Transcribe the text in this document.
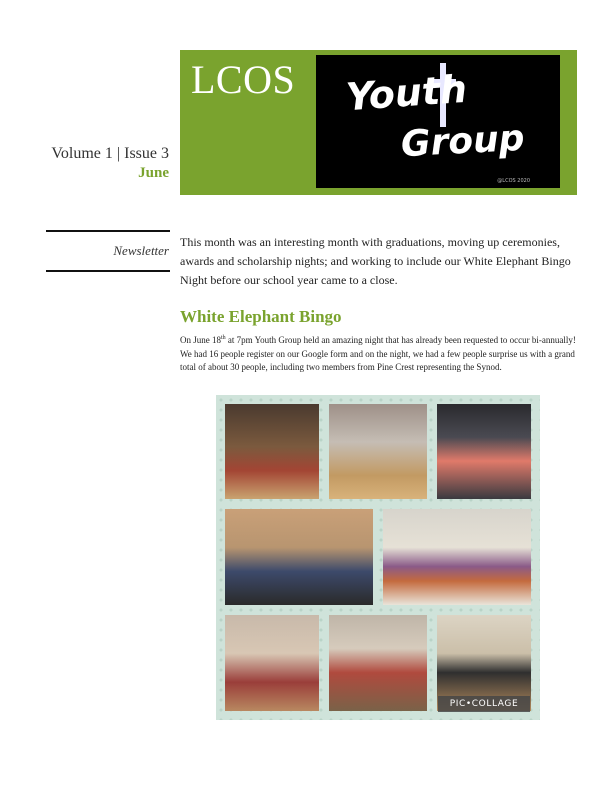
LCOS Youth
Group
@LCOS 2020
Volume 1 | Issue 3
June
Newsletter
This month was an interesting month with graduations, moving up ceremonies, awards and scholarship nights; and working to include our White Elephant Bingo Night before our school year came to a close.
White Elephant Bingo
On June 18th at 7pm Youth Group held an amazing night that has already been requested to occur bi-annually! We had 16 people register on our Google form and on the night, we had a few people surprise us with a grand total of about 30 people, including two members from Pine Crest representing the Synod.
PIC•COLLAGE
